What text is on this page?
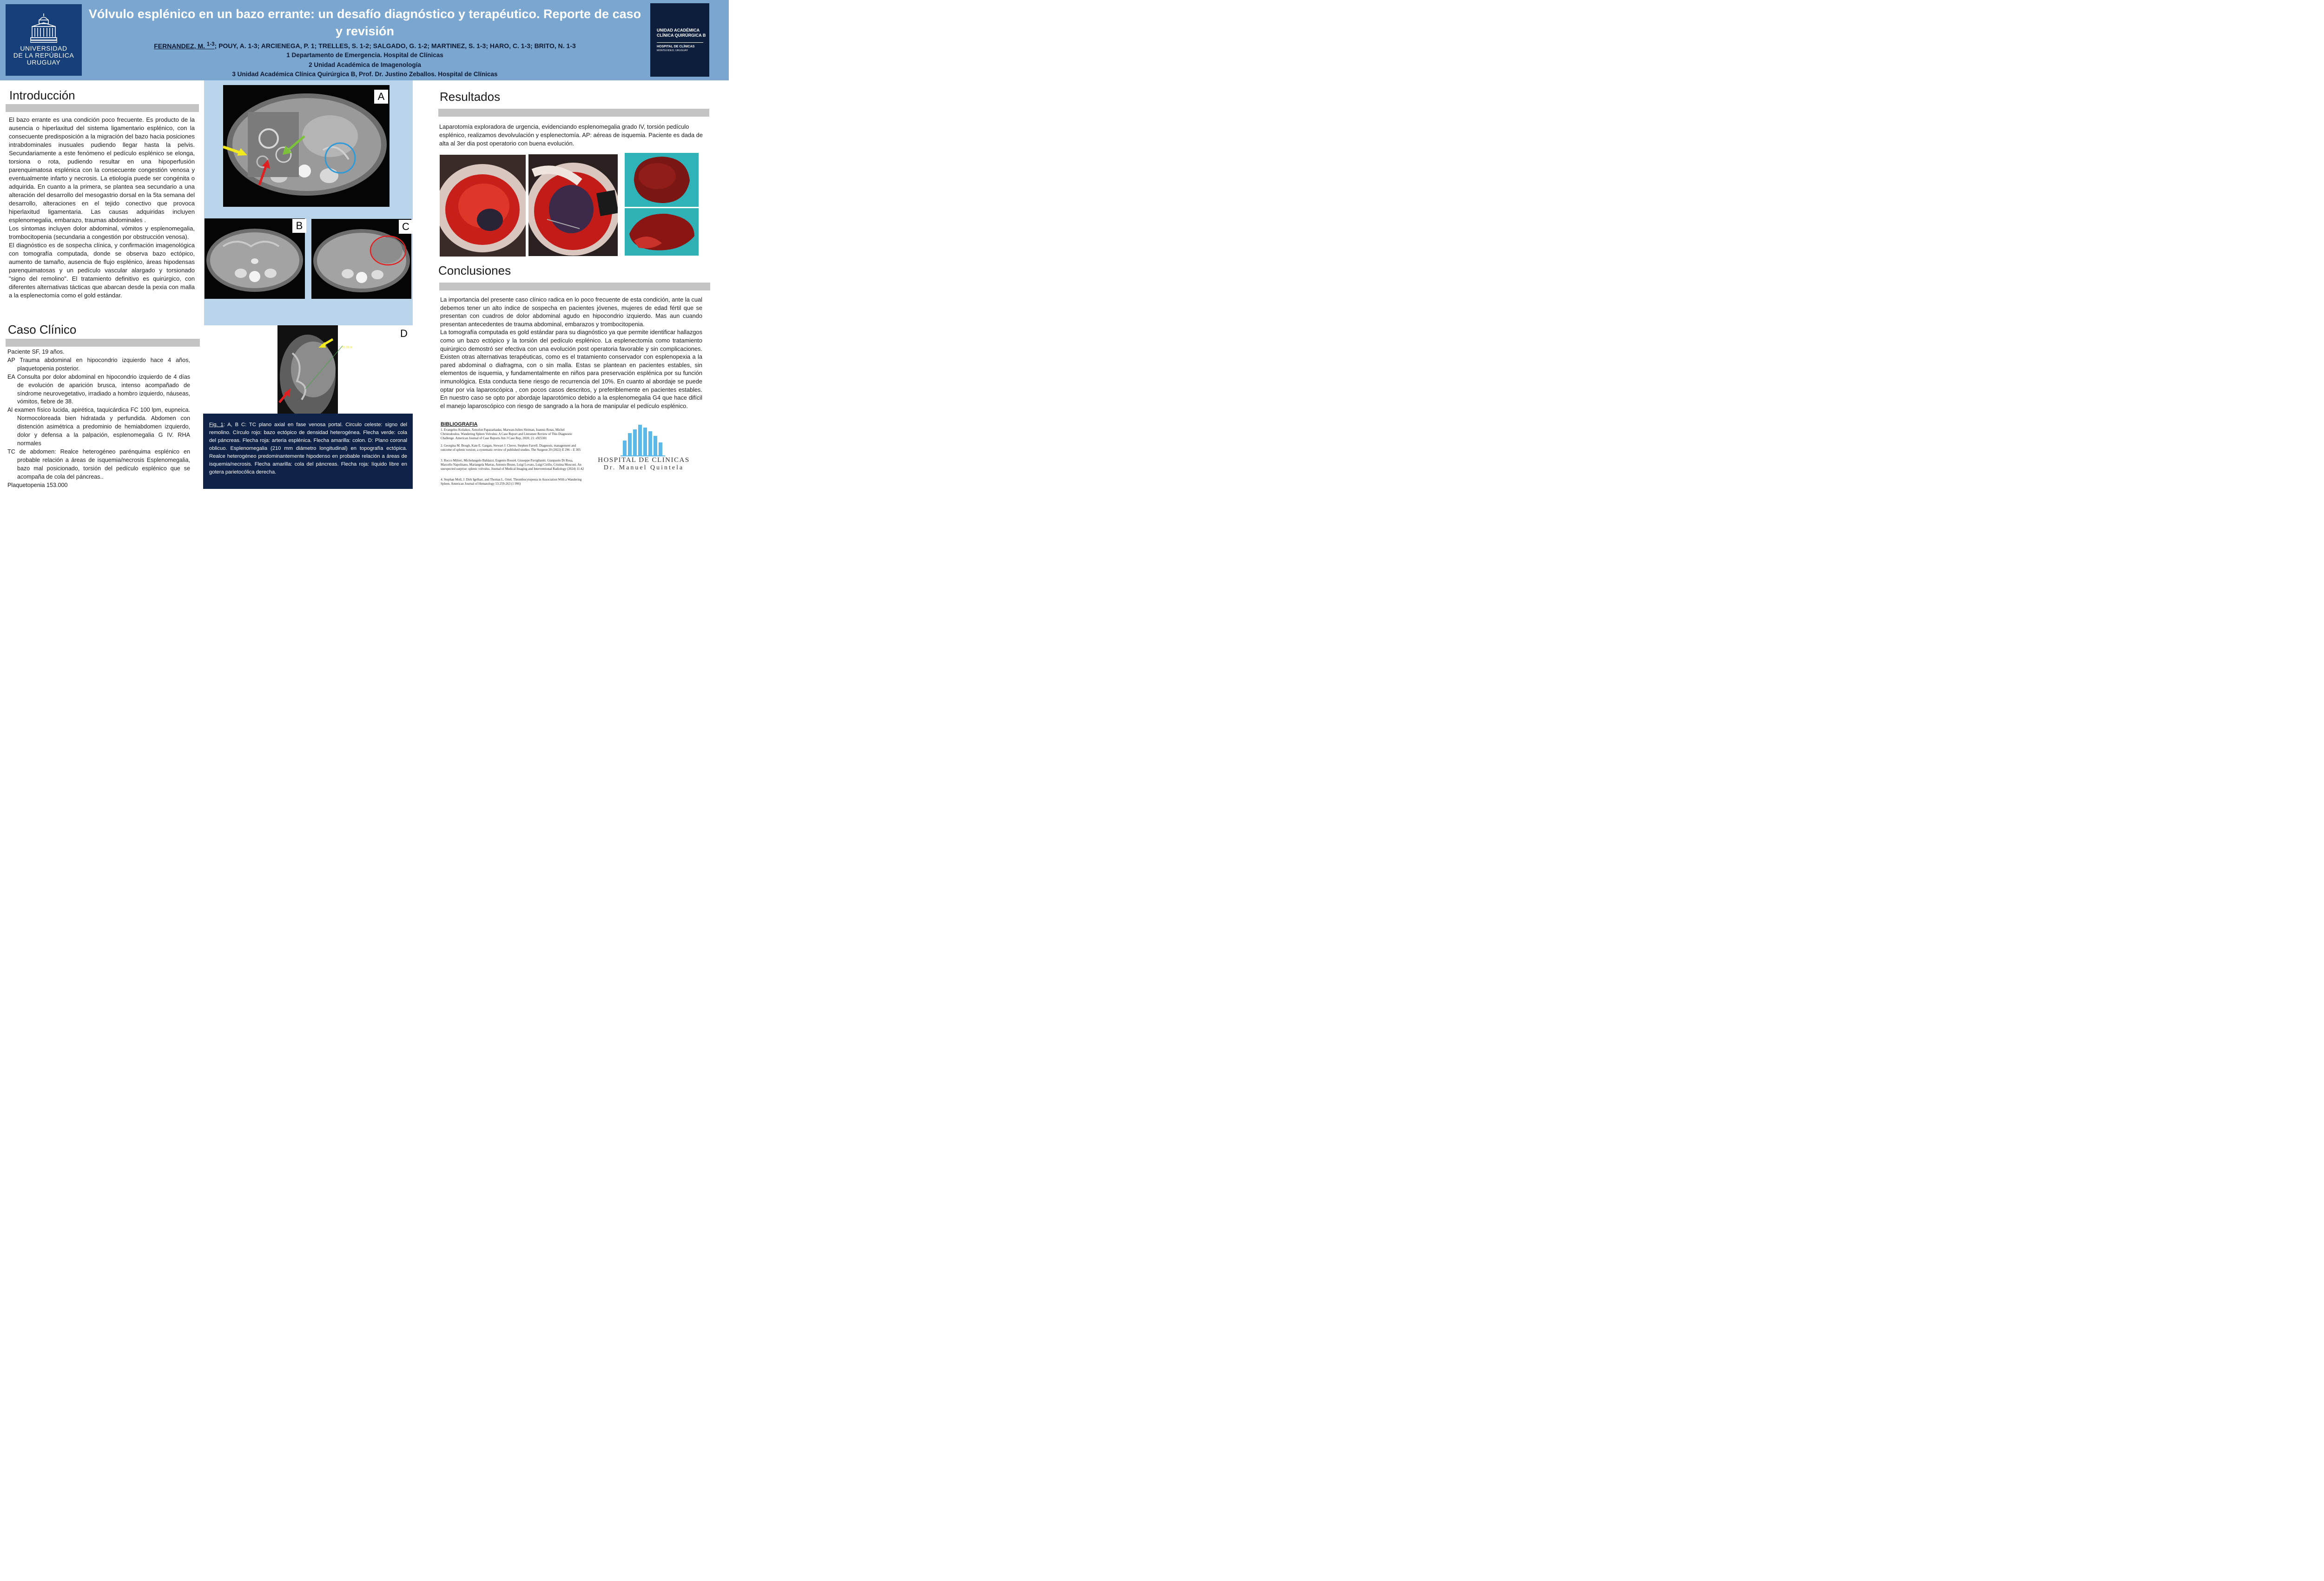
UNIVERSIDAD
DE LA REPÚBLICA
URUGUAY
Vólvulo esplénico en un bazo errante: un desafío diagnóstico y terapéutico. Reporte de caso y revisión
FERNANDEZ, M. $^{1-3}$; POUY, A. 1-3; ARCIENEGA, P. 1; TRELLES, S. 1-2; SALGADO, G. 1-2; MARTINEZ, S. 1-3; HARO, C. 1-3; BRITO, N. 1-3
1 Departamento de Emergencia. Hospital de Clínicas
2 Unidad Académica de Imagenología
3 Unidad Académica Clínica Quirúrgica B, Prof. Dr. Justino Zeballos. Hospital de Clínicas
UNIDAD ACADÉMICA
CLÍNICA QUIRÚRGICA B
HOSPITAL DE CLÍNICAS
MONTEVIDEO, URUGUAY
Introducción
El bazo errante es una condición poco frecuente. Es producto de la ausencia o hiperlaxitud del sistema ligamentario esplénico, con la consecuente predisposición a la migración del bazo hacia posiciones intrabdominales inusuales pudiendo llegar hasta la pelvis. Secundariamente a este fenómeno el pedículo esplénico se elonga, torsiona o rota, pudiendo resultar en una hipoperfusión parenquimatosa esplénica con la consecuente congestión venosa y eventualmente infarto y necrosis. La etiología puede ser congénita o adquirida. En cuanto a la primera, se plantea sea secundario a una alteración del desarrollo del mesogastrio dorsal en la 5ta semana del desarrollo, alteraciones en el tejido conectivo que provoca hiperlaxitud ligamentaria. Las causas adquiridas incluyen esplenomegalia, embarazo, traumas abdominales .
Los síntomas incluyen dolor abdominal, vómitos y esplenomegalia, trombocitopenia (secundaria a congestión por obstrucción venosa).
El diagnóstico es de sospecha clínica, y confirmación imagenológica con tomografía computada, donde se observa bazo ectópico, aumento de tamaño, ausencia de flujo esplénico, áreas hipodensas parenquimatosas y un pedículo vascular alargado y torsionado "signo del remolino". El tratamiento definitivo es quirúrgico, con diferentes alternativas tácticas que abarcan desde la pexia con malla a la esplenectomía como el gold estándar.
Caso Clínico
Paciente SF, 19 años.
AP Trauma abdominal en hipocondrio izquierdo hace 4 años, plaquetopenia posterior.
EA Consulta por dolor abdominal en hipocondrio izquierdo de 4 días de evolución de aparición brusca, intenso acompañado de síndrome neurovegetativo, irradiado a hombro izquierdo, náuseas, vómitos, fiebre de 38.
Al examen físico lucida, apirética, taquicárdica FC 100 lpm, eupneica. Normocoloreada bien hidratada y perfundida. Abdomen con distención asimétrica a predominio de hemiabdomen izquierdo, dolor y defensa a la palpación, esplenomegalia G IV. RHA normales
TC de abdomen: Realce heterogéneo parénquima esplénico en probable relación a áreas de isquemia/necrosis Esplenomegalia, bazo mal posicionado, torsión del pedículo esplénico que se acompaña de cola del páncreas..
Plaquetopenia 153.000
A
B	C
21.53 ⊘
D
Fig. 1: A, B C: TC plano axial en fase venosa portal. Circulo celeste: signo del remolino. Círculo rojo: bazo ectópico de densidad heterogénea. Flecha verde: cola del páncreas. Flecha roja: arteria esplénica. Flecha amarilla: colon. D: Plano coronal oblicuo. Esplenomegalia (210 mm diámetro longitudinal) en topografía ectópica. Realce heterogéneo predominantemente hipodenso en probable relación a áreas de isquemia/necrosis. Flecha amarilla: cola del páncreas. Flecha roja: líquido libre en gotera parietocólica derecha.
Resultados
Laparotomía exploradora de urgencia, evidenciando esplenomegalia grado IV, torsión pedículo esplénico, realizamos devolvulación y esplenectomía. AP: aéreas de isquemia. Paciente es dada de alta al 3er dia post operatorio con buena evolución.
Conclusiones
La importancia del presente caso clínico radica en lo poco frecuente de esta condición, ante la cual debemos tener un alto índice de sospecha en pacientes jóvenes, mujeres de edad fértil que se presentan con cuadros de dolor abdominal agudo en hipocondrio izquierdo. Mas aun cuando presentan antecedentes de trauma abdominal, embarazos y trombocitopenia.
La tomografía computada es gold estándar para su diagnóstico ya que permite identificar hallazgos como un bazo ectópico y la torsión del pedículo esplénico. La esplenectomía como tratamiento quirúrgico demostró ser efectiva con una evolución post operatoria favorable y sin complicaciones. Existen otras alternativas terapéuticas, como es el tratamiento conservador con esplenopexia a la pared abdominal o diafragma, con o sin malla. Estas se plantean en pacientes estables, sin elementos de isquemia, y fundamentalmente en niños para preservación esplénica por su función inmunológica. Esta conducta tiene riesgo de recurrencia del 10%. En cuanto al abordaje se puede optar por vía laparoscópica , con pocos casos descritos, y preferiblemente en pacientes estables. En nuestro caso se opto por abordaje laparotómico debido a la esplenomegalia G4 que hace difícil el manejo laparoscópico con riesgo de sangrado a la hora de manipular el pedículo esplénico.
BIBLIOGRAFIA
1. Evangelos Koliakos, Xenofon Papazarkadas, Marwan-Julien Sleiman, Ioannis Rotas, Michel Christodoulou. Wandering Spleen Volvulus: A Case Report and Literature Review of This Diagnostic Challenge. American Journal of Case Reports Am J Case Rep, 2020; 21: e925301
2. Georgina M. Bough, Kate E. Gargan, Stewart J. Cleeve, Stephen Farrell. Diagnosis, management and outcome of splenic torsion; a systematic review of published studies. The Surgeon 20 (2022) E 296 – E 305
3. Rocco Milieri, Michelangelo Baldazzi, Eugenio Rossi4, Giuseppe Paviglianiti. Gianpaolo Di Rosa, Marcello Napolitano, Mariangela Marras, Antonio Bruno, Luigi Lovato, Luigi Cirillo, Cristina Mosconi. An unexpected surprise: splenic volvulus. Journal of Medical Imaging and Interventional Radiology (2024) 11:42
4. Stephan Moll, J. Dirk Igelhart, and Thomas L. Ortel. Thrombocytopenia in Association With a Wandering Spleen. American Journal of Hematology 53:259-263 (1 996)
HOSPITAL DE CLINICAS
Dr. Manuel Quintela
